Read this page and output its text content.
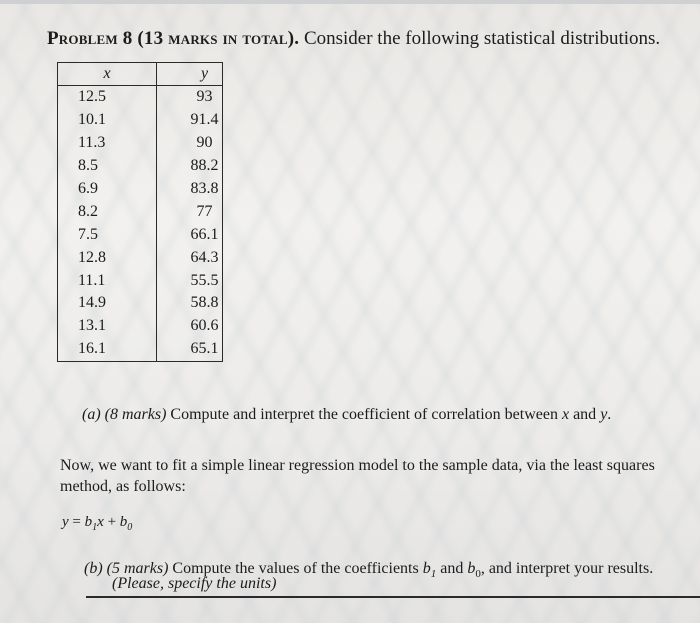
Problem 8 (13 marks in total). Consider the following statistical distributions.
x	y
12.5	93
10.1	91.4
11.3	90
8.5	88.2
6.9	83.8
8.2	77
7.5	66.1
12.8	64.3
11.1	55.5
14.9	58.8
13.1	60.6
16.1	65.1
(a) (8 marks) Compute and interpret the coefficient of correlation between x and y.
Now, we want to fit a simple linear regression model to the sample data, via the least squares method, as follows:
$y = b_1x + b_0$
(b) (5 marks) Compute the values of the coefficients $b_1$ and $b_0$, and interpret your results.
(Please, specify the units)
